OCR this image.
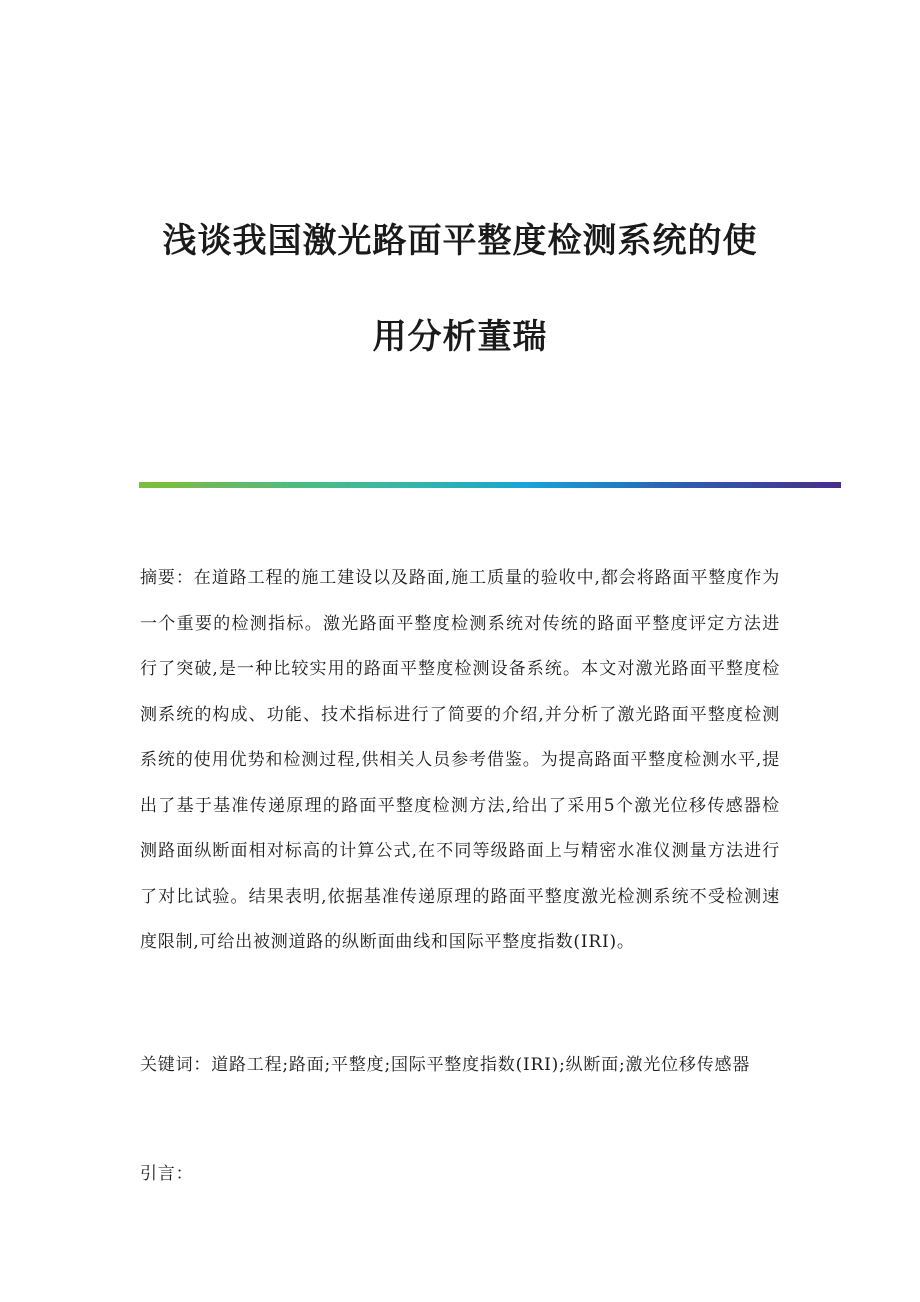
浅谈我国激光路面平整度检测系统的使
用分析董瑞

摘要：在道路工程的施工建设以及路面,施工质量的验收中,都会将路面平整度作为一个重要的检测指标。激光路面平整度检测系统对传统的路面平整度评定方法进行了突破,是一种比较实用的路面平整度检测设备系统。本文对激光路面平整度检测系统的构成、功能、技术指标进行了简要的介绍,并分析了激光路面平整度检测系统的使用优势和检测过程,供相关人员参考借鉴。为提高路面平整度检测水平,提出了基于基准传递原理的路面平整度检测方法,给出了采用5个激光位移传感器检测路面纵断面相对标高的计算公式,在不同等级路面上与精密水准仪测量方法进行了对比试验。结果表明,依据基准传递原理的路面平整度激光检测系统不受检测速度限制,可给出被测道路的纵断面曲线和国际平整度指数(IRI)。

关键词：道路工程;路面;平整度;国际平整度指数(IRI);纵断面;激光位移传感器

引言：
